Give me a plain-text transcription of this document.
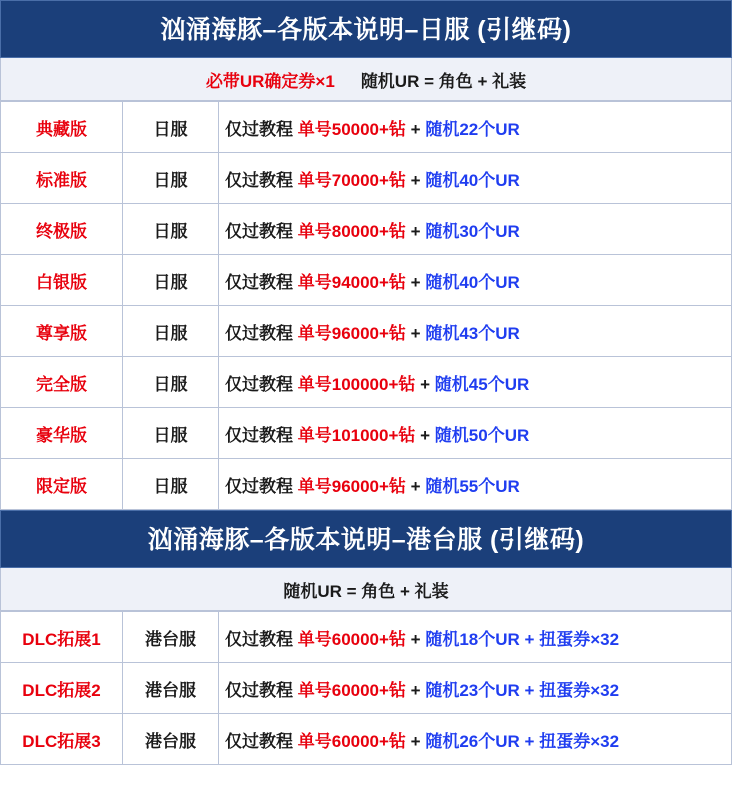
汹涌海豚–各版本说明–日服 (引继码)
必带UR确定券×1 随机UR = 角色 + 礼装
典藏版	日服	仅过教程 单号50000+钻 + 随机22个UR
标准版	日服	仅过教程 单号70000+钻 + 随机40个UR
终极版	日服	仅过教程 单号80000+钻 + 随机30个UR
白银版	日服	仅过教程 单号94000+钻 + 随机40个UR
尊享版	日服	仅过教程 单号96000+钻 + 随机43个UR
完全版	日服	仅过教程 单号100000+钻 + 随机45个UR
豪华版	日服	仅过教程 单号101000+钻 + 随机50个UR
限定版	日服	仅过教程 单号96000+钻 + 随机55个UR
汹涌海豚–各版本说明–港台服 (引继码)
随机UR = 角色 + 礼装
DLC拓展1	港台服	仅过教程 单号60000+钻 + 随机18个UR + 扭蛋券×32
DLC拓展2	港台服	仅过教程 单号60000+钻 + 随机23个UR + 扭蛋券×32
DLC拓展3	港台服	仅过教程 单号60000+钻 + 随机26个UR + 扭蛋券×32
